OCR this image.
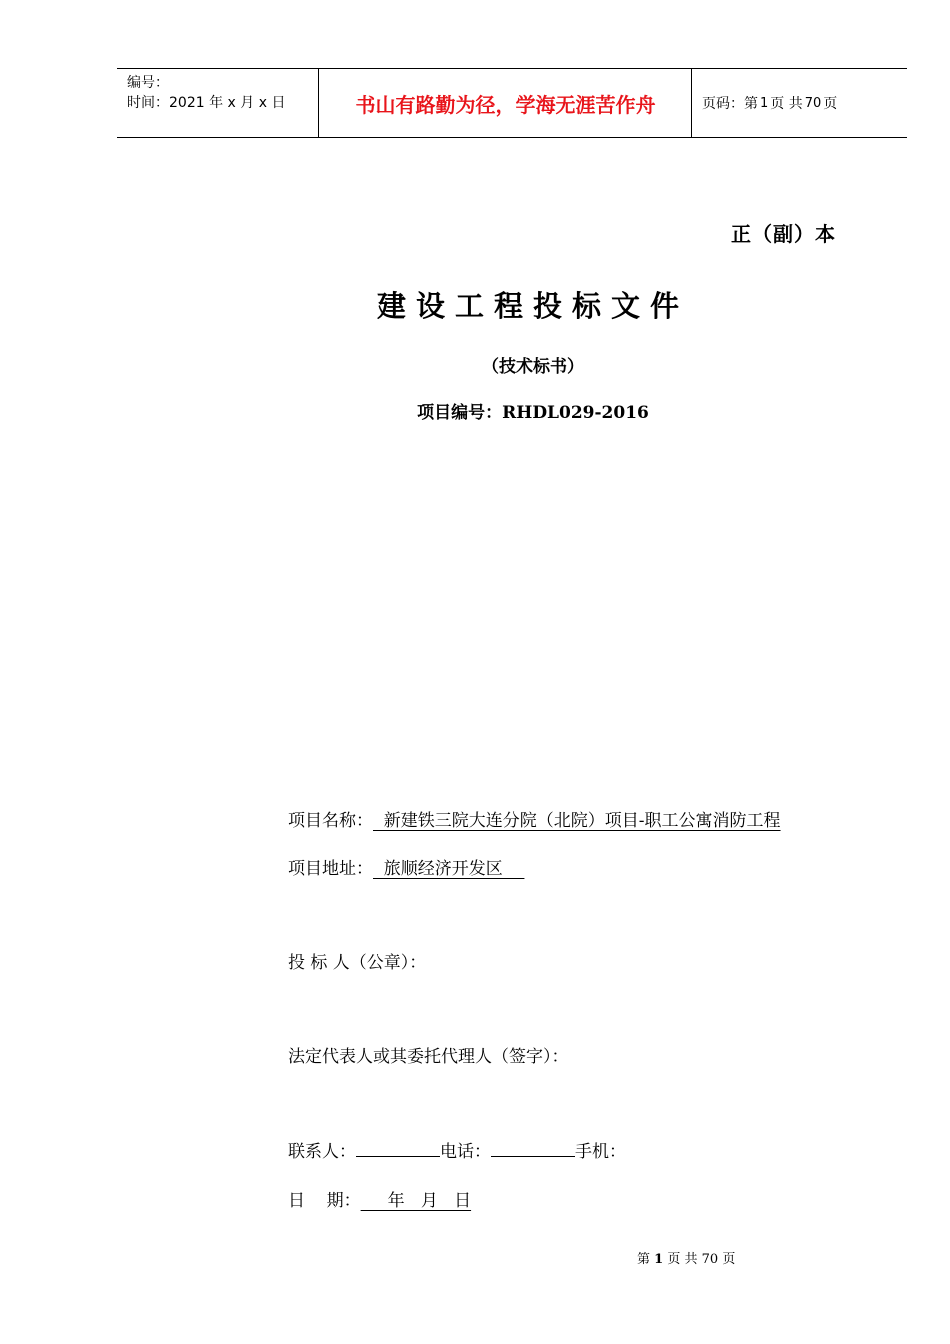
编号：
时间：2021 年 x 月 x 日	书山有路勤为径，学海无涯苦作舟	页码：第 1 页 共 70 页
正（副）本
建设工程投标文件
（技术标书）
项目编号：RHDL029-2016
项目名称：  新建铁三院大连分院（北院）项目-职工公寓消防工程
项目地址：  旅顺经济开发区
投 标 人（公章）：
法定代表人或其委托代理人（签字）：
联系人：	电话：	手机：
日    期：     年   月   日
第 1 页 共 70 页
